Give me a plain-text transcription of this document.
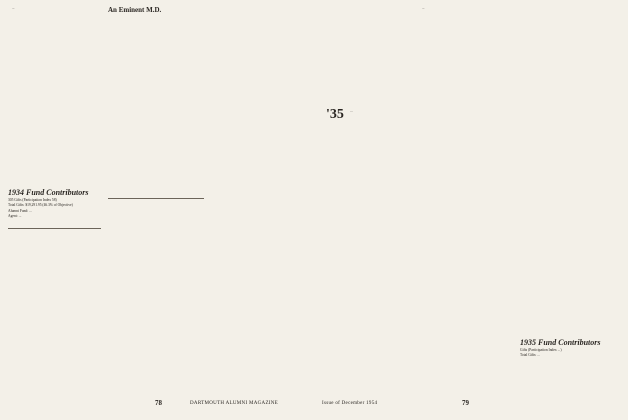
...

1934 Fund Contributors

305 Gifts (Participation Index 58)

Total Gifts: $19,291.95 (46.3% of Objective)

Alumni Fund: ...

Agent: ...

An Eminent M.D.

78	DARTMOUTH ALUMNI MAGAZINE
'35 ...

...

1935 Fund Contributors

Gifts (Participation Index ...)

Total Gifts: ...

Issue of December 1954	79
